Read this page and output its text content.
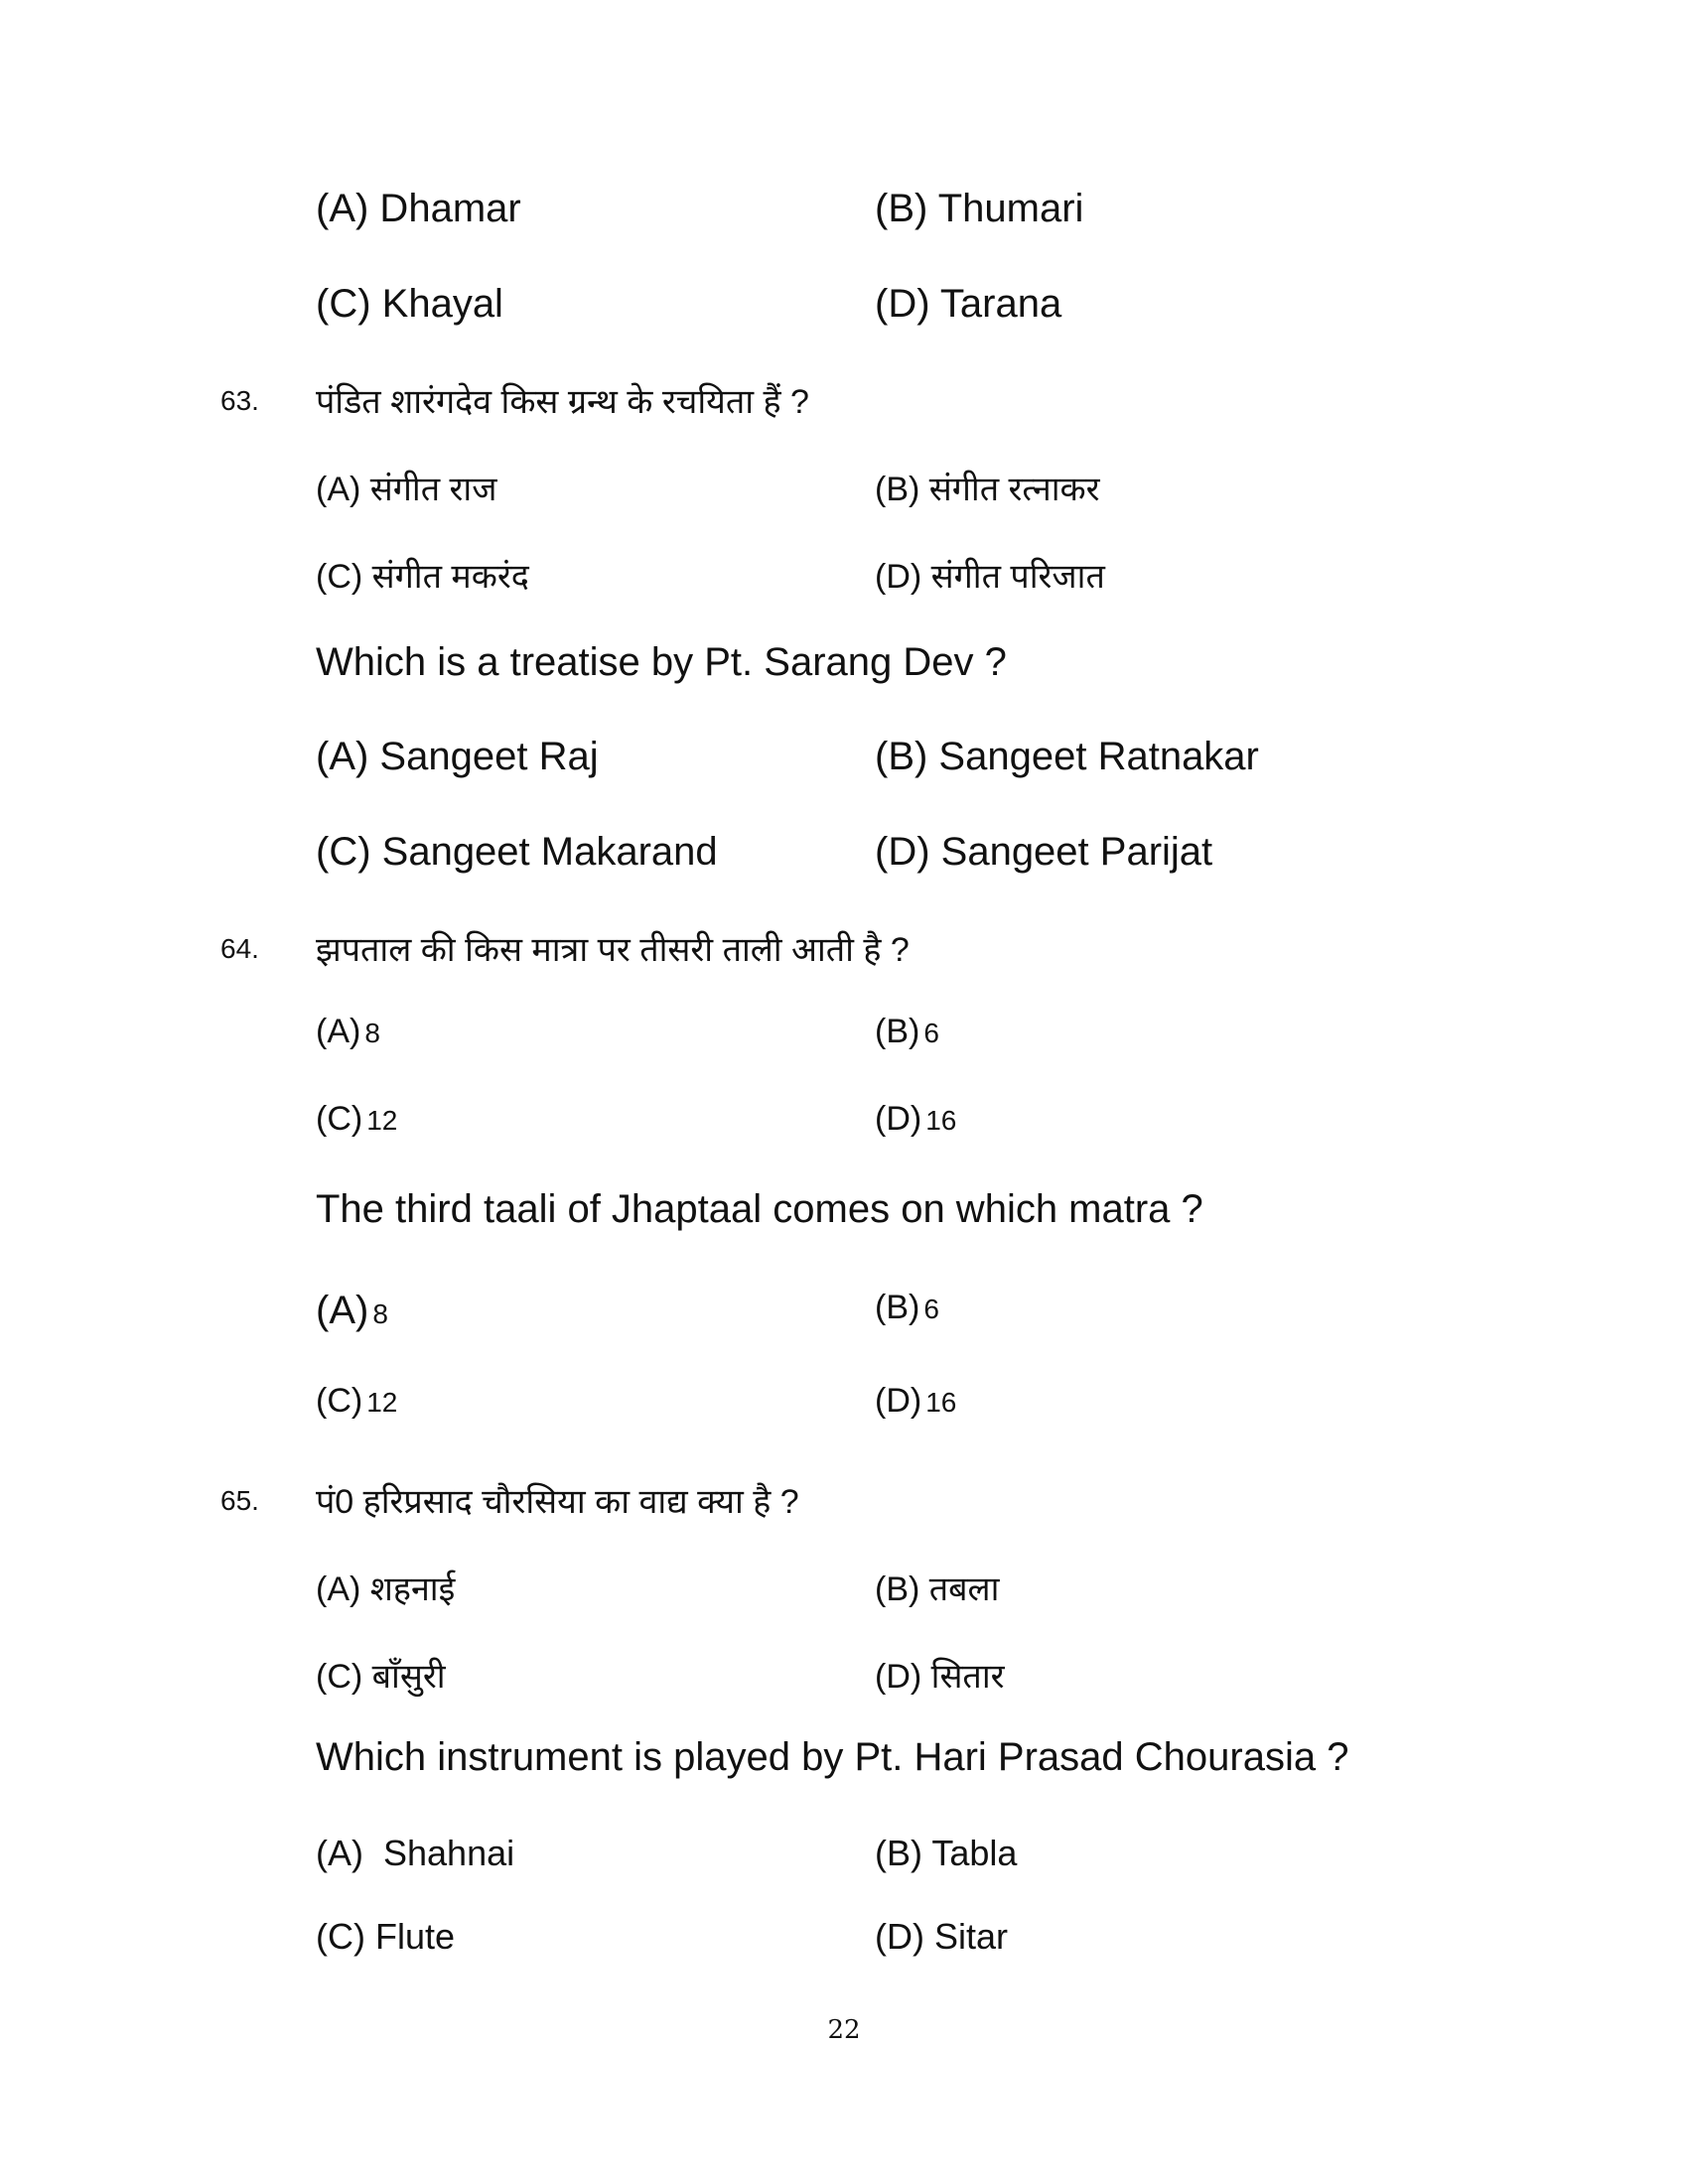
(A) Dhamar	(B) Thumari
(C) Khayal	(D) Tarana
63. पंडित शारंगदेव किस ग्रन्थ के रचयिता हैं ?
(A) संगीत राज	(B) संगीत रत्नाकर
(C) संगीत मकरंद	(D) संगीत परिजात
Which is a treatise by Pt. Sarang Dev ?
(A) Sangeet Raj	(B) Sangeet Ratnakar
(C) Sangeet Makarand	(D) Sangeet Parijat
64. झपताल की किस मात्रा पर तीसरी ताली आती है ?
(A) 8	(B) 6
(C) 12	(D) 16
The third taali of Jhaptaal comes on which matra ?
(A) 8	(B) 6
(C) 12	(D) 16
65. पं0 हरिप्रसाद चौरसिया का वाद्य क्या है ?
(A) शहनाई	(B) तबला
(C) बाँसुरी	(D) सितार
Which instrument is played by Pt. Hari Prasad Chourasia ?
(A)  Shahnai	(B) Tabla
(C) Flute	(D) Sitar
22
